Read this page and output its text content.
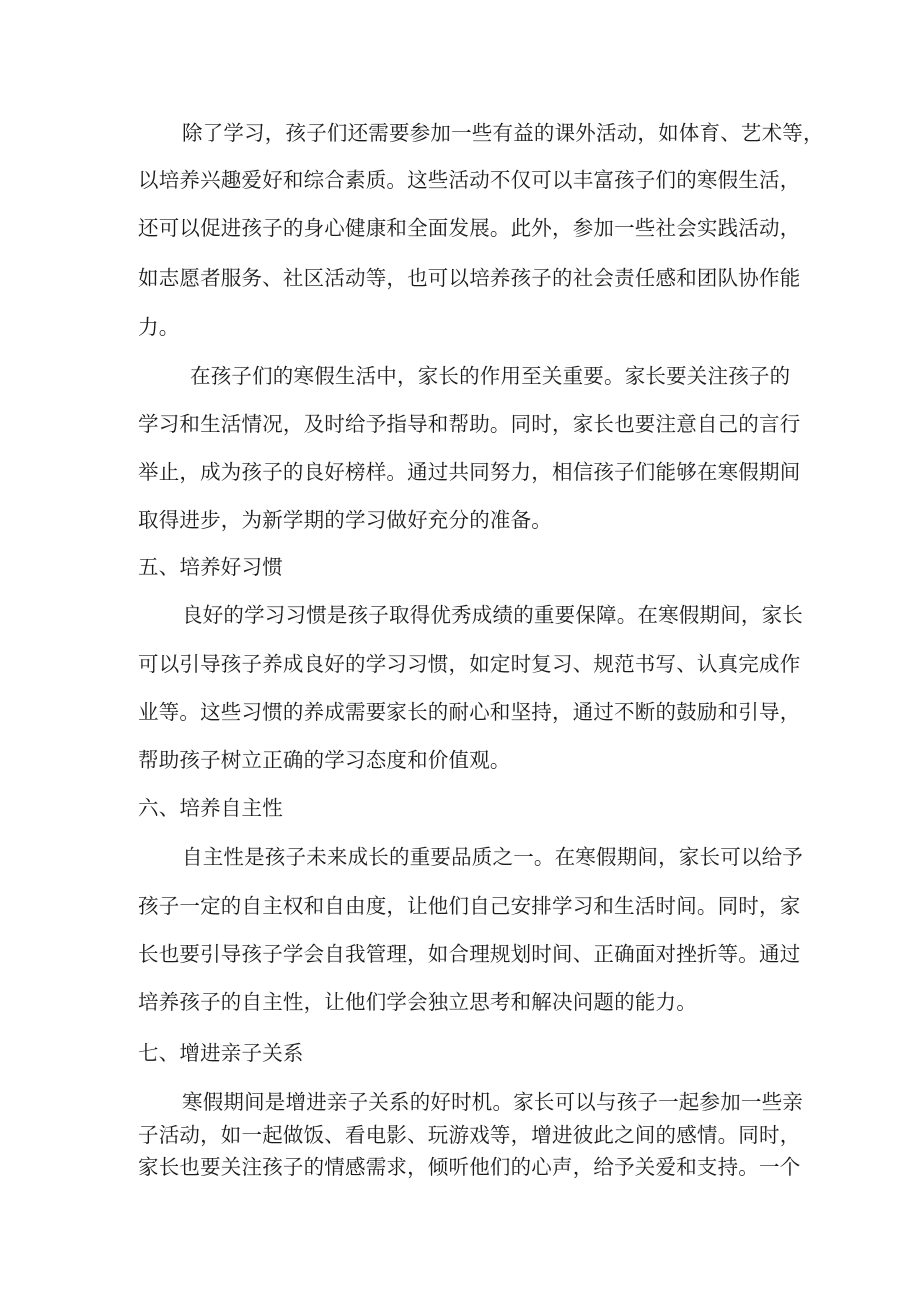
除了学习，孩子们还需要参加一些有益的课外活动，如体育、艺术等，
以培养兴趣爱好和综合素质。这些活动不仅可以丰富孩子们的寒假生活，
还可以促进孩子的身心健康和全面发展。此外，参加一些社会实践活动，
如志愿者服务、社区活动等，也可以培养孩子的社会责任感和团队协作能
力。
在孩子们的寒假生活中，家长的作用至关重要。家长要关注孩子的
学习和生活情况，及时给予指导和帮助。同时，家长也要注意自己的言行
举止，成为孩子的良好榜样。通过共同努力，相信孩子们能够在寒假期间
取得进步，为新学期的学习做好充分的准备。
五、培养好习惯
良好的学习习惯是孩子取得优秀成绩的重要保障。在寒假期间，家长
可以引导孩子养成良好的学习习惯，如定时复习、规范书写、认真完成作
业等。这些习惯的养成需要家长的耐心和坚持，通过不断的鼓励和引导，
帮助孩子树立正确的学习态度和价值观。
六、培养自主性
自主性是孩子未来成长的重要品质之一。在寒假期间，家长可以给予
孩子一定的自主权和自由度，让他们自己安排学习和生活时间。同时，家
长也要引导孩子学会自我管理，如合理规划时间、正确面对挫折等。通过
培养孩子的自主性，让他们学会独立思考和解决问题的能力。
七、增进亲子关系
寒假期间是增进亲子关系的好时机。家长可以与孩子一起参加一些亲
子活动，如一起做饭、看电影、玩游戏等，增进彼此之间的感情。同时，
家长也要关注孩子的情感需求，倾听他们的心声，给予关爱和支持。一个
